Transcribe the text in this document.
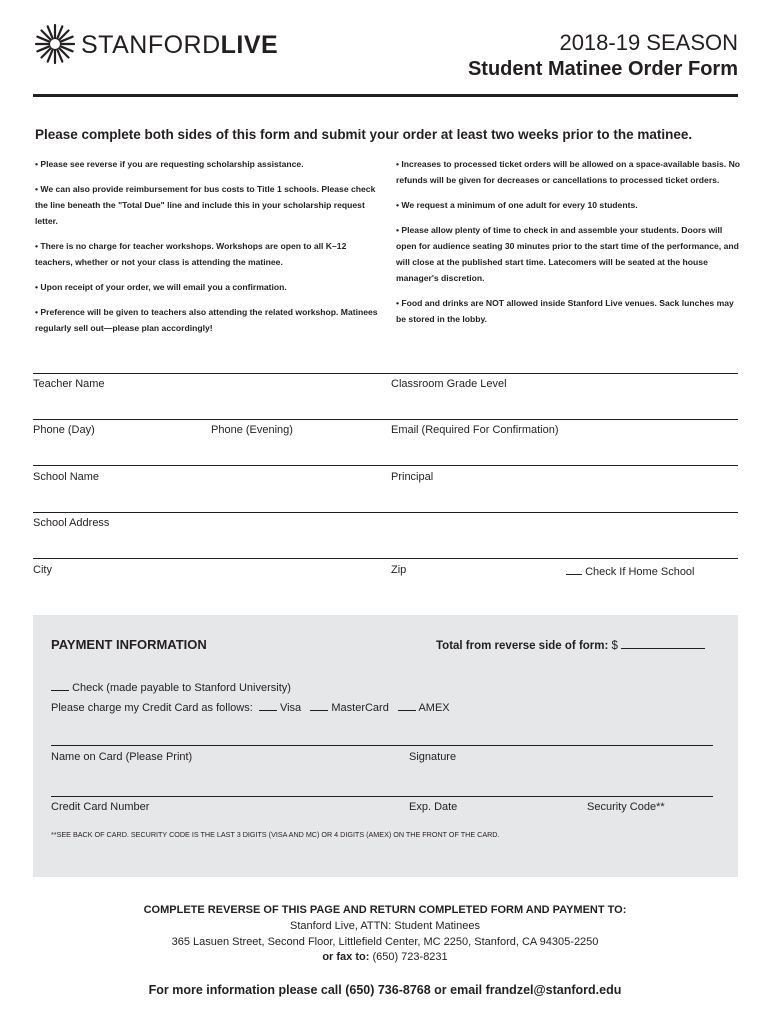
STANFORDLIVE	2018-19 SEASON
Student Matinee Order Form
Please complete both sides of this form and submit your order at least two weeks prior to the matinee.
• Please see reverse if you are requesting scholarship assistance.
• We can also provide reimbursement for bus costs to Title 1 schools. Please check the line beneath the "Total Due" line and include this in your scholarship request letter.
• There is no charge for teacher workshops. Workshops are open to all K–12 teachers, whether or not your class is attending the matinee.
• Upon receipt of your order, we will email you a confirmation.
• Preference will be given to teachers also attending the related workshop. Matinees regularly sell out—please plan accordingly!
• Increases to processed ticket orders will be allowed on a space-available basis. No refunds will be given for decreases or cancellations to processed ticket orders.
• We request a minimum of one adult for every 10 students.
• Please allow plenty of time to check in and assemble your students. Doors will open for audience seating 30 minutes prior to the start time of the performance, and will close at the published start time. Latecomers will be seated at the house manager's discretion.
• Food and drinks are NOT allowed inside Stanford Live venues. Sack lunches may be stored in the lobby.
Teacher Name	Classroom Grade Level
Phone (Day)	Phone (Evening)	Email (Required For Confirmation)
School Name	Principal
School Address
City	Zip	Check If Home School
PAYMENT INFORMATION	Total from reverse side of form: $
Check (made payable to Stanford University)
Please charge my Credit Card as follows: Visa	MasterCard	AMEX
Name on Card (Please Print)	Signature
Credit Card Number	Exp. Date	Security Code**
**SEE BACK OF CARD. SECURITY CODE IS THE LAST 3 DIGITS (VISA AND MC) OR 4 DIGITS (AMEX) ON THE FRONT OF THE CARD.
COMPLETE REVERSE OF THIS PAGE AND RETURN COMPLETED FORM AND PAYMENT TO:
Stanford Live, ATTN: Student Matinees
365 Lasuen Street, Second Floor, Littlefield Center, MC 2250, Stanford, CA 94305-2250
or fax to: (650) 723-8231
For more information please call (650) 736-8768 or email frandzel@stanford.edu
